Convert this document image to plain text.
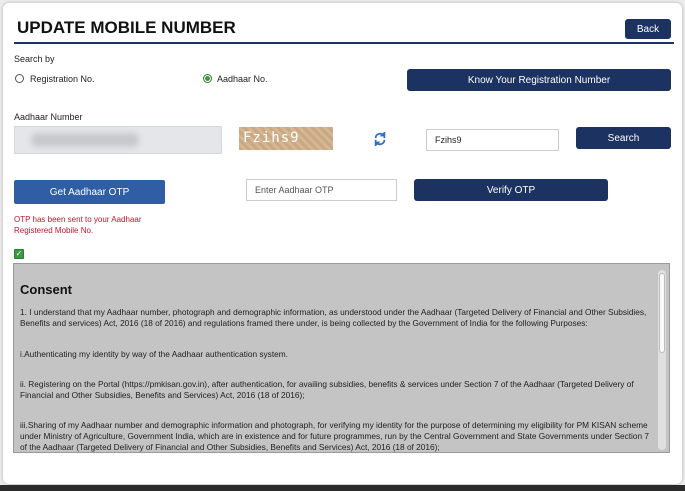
UPDATE MOBILE NUMBER	Back
Search by
Registration No.	Aadhaar No.	Know Your Registration Number
Aadhaar Number
Fzihs9	Fzihs9	Search
Get Aadhaar OTP	Enter Aadhaar OTP	Verify OTP
OTP has been sent to your Aadhaar
Registered Mobile No.
✓
Consent
1. I understand that my Aadhaar number, photograph and demographic information, as understood under the Aadhaar (Targeted Delivery of Financial and Other Subsidies, Benefits and services) Act, 2016 (18 of 2016) and regulations framed there under, is being collected by the Government of India for the following Purposes:
i.Authenticating my identity by way of the Aadhaar authentication system.
ii. Registering on the Portal (https://pmkisan.gov.in), after authentication, for availing subsidies, benefits & services under Section 7 of the Aadhaar (Targeted Delivery of Financial and Other Subsidies, Benefits and Services) Act, 2016 (18 of 2016);
iii.Sharing of my Aadhaar number and demographic information and photograph, for verifying my identity for the purpose of determining my eligibility for PM KISAN scheme under Ministry of Agriculture, Government India, which are in existence and for future programmes, run by the Central Government and State Governments under Section 7 of the Aadhaar (Targeted Delivery of Financial and Other Subsidies, Benefits and Services) Act, 2016 (18 of 2016);
